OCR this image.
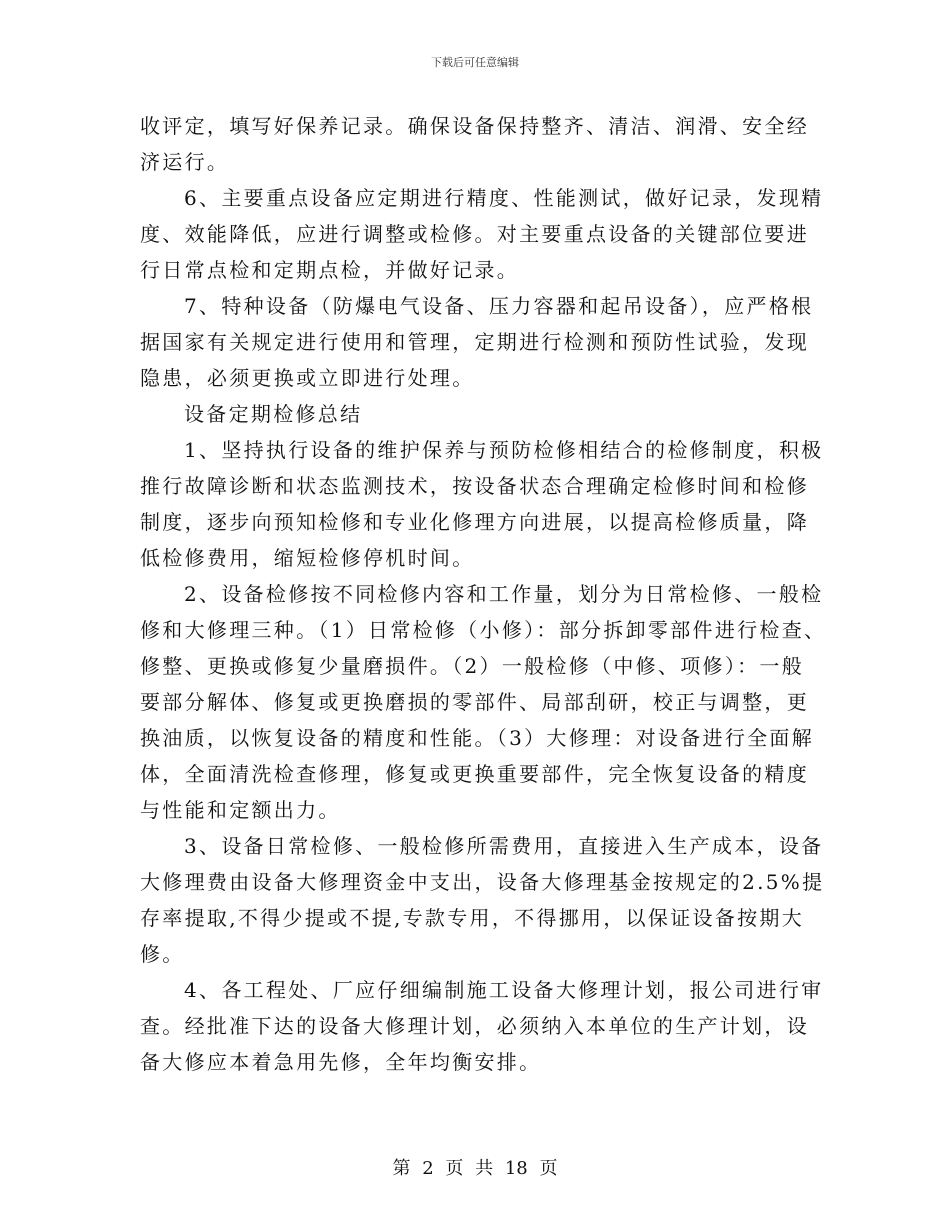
下载后可任意编辑
收评定，填写好保养记录。确保设备保持整齐、清洁、润滑、安全经
济运行。
6、主要重点设备应定期进行精度、性能测试，做好记录，发现精
度、效能降低，应进行调整或检修。对主要重点设备的关键部位要进
行日常点检和定期点检，并做好记录。
7、特种设备（防爆电气设备、压力容器和起吊设备），应严格根
据国家有关规定进行使用和管理，定期进行检测和预防性试验，发现
隐患，必须更换或立即进行处理。
设备定期检修总结
1、坚持执行设备的维护保养与预防检修相结合的检修制度，积极
推行故障诊断和状态监测技术，按设备状态合理确定检修时间和检修
制度，逐步向预知检修和专业化修理方向进展，以提高检修质量，降
低检修费用，缩短检修停机时间。
2、设备检修按不同检修内容和工作量，划分为日常检修、一般检
修和大修理三种。（1）日常检修（小修）：部分拆卸零部件进行检查、
修整、更换或修复少量磨损件。（2）一般检修（中修、项修）：一般
要部分解体、修复或更换磨损的零部件、局部刮研，校正与调整，更
换油质，以恢复设备的精度和性能。（3）大修理：对设备进行全面解
体，全面清洗检查修理，修复或更换重要部件，完全恢复设备的精度
与性能和定额出力。
3、设备日常检修、一般检修所需费用，直接进入生产成本，设备
大修理费由设备大修理资金中支出，设备大修理基金按规定的2.5%提
存率提取,不得少提或不提,专款专用，不得挪用，以保证设备按期大
修。
4、各工程处、厂应仔细编制施工设备大修理计划，报公司进行审
查。经批准下达的设备大修理计划，必须纳入本单位的生产计划，设
备大修应本着急用先修，全年均衡安排。
第 2 页 共 18 页
